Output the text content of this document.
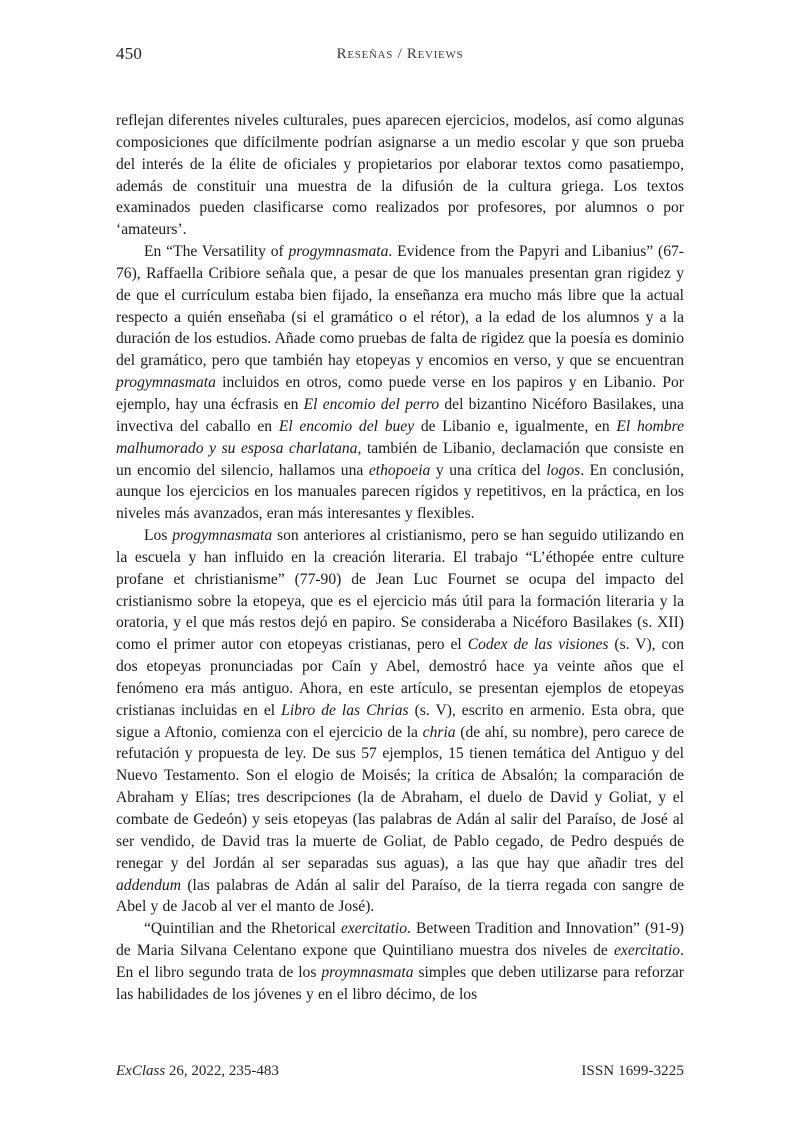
450	Reseñas / Reviews

reflejan diferentes niveles culturales, pues aparecen ejercicios, modelos, así como algunas composiciones que difícilmente podrían asignarse a un medio escolar y que son prueba del interés de la élite de oficiales y propietarios por elaborar textos como pasatiempo, además de constituir una muestra de la difusión de la cultura griega. Los textos examinados pueden clasificarse como realizados por profesores, por alumnos o por ‘amateurs’.

En “The Versatility of progymnasmata. Evidence from the Papyri and Libanius” (67-76), Raffaella Cribiore señala que, a pesar de que los manuales presentan gran rigidez y de que el currículum estaba bien fijado, la enseñanza era mucho más libre que la actual respecto a quién enseñaba (si el gramático o el rétor), a la edad de los alumnos y a la duración de los estudios. Añade como pruebas de falta de rigidez que la poesía es dominio del gramático, pero que también hay etopeyas y encomios en verso, y que se encuentran progymnasmata incluidos en otros, como puede verse en los papiros y en Libanio. Por ejemplo, hay una écfrasis en El encomio del perro del bizantino Nicéforo Basilakes, una invectiva del caballo en El encomio del buey de Libanio e, igualmente, en El hombre malhumorado y su esposa charlatana, también de Libanio, declamación que consiste en un encomio del silencio, hallamos una ethopoeia y una crítica del logos. En conclusión, aunque los ejercicios en los manuales parecen rígidos y repetitivos, en la práctica, en los niveles más avanzados, eran más interesantes y flexibles.

Los progymnasmata son anteriores al cristianismo, pero se han seguido utilizando en la escuela y han influido en la creación literaria. El trabajo “L’éthopée entre culture profane et christianisme” (77-90) de Jean Luc Fournet se ocupa del impacto del cristianismo sobre la etopeya, que es el ejercicio más útil para la formación literaria y la oratoria, y el que más restos dejó en papiro. Se consideraba a Nicéforo Basilakes (s. XII) como el primer autor con etopeyas cristianas, pero el Codex de las visiones (s. V), con dos etopeyas pronunciadas por Caín y Abel, demostró hace ya veinte años que el fenómeno era más antiguo. Ahora, en este artículo, se presentan ejemplos de etopeyas cristianas incluidas en el Libro de las Chrias (s. V), escrito en armenio. Esta obra, que sigue a Aftonio, comienza con el ejercicio de la chria (de ahí, su nombre), pero carece de refutación y propuesta de ley. De sus 57 ejemplos, 15 tienen temática del Antiguo y del Nuevo Testamento. Son el elogio de Moisés; la crítica de Absalón; la comparación de Abraham y Elías; tres descripciones (la de Abraham, el duelo de David y Goliat, y el combate de Gedeón) y seis etopeyas (las palabras de Adán al salir del Paraíso, de José al ser vendido, de David tras la muerte de Goliat, de Pablo cegado, de Pedro después de renegar y del Jordán al ser separadas sus aguas), a las que hay que añadir tres del addendum (las palabras de Adán al salir del Paraíso, de la tierra regada con sangre de Abel y de Jacob al ver el manto de José).

“Quintilian and the Rhetorical exercitatio. Between Tradition and Innovation” (91-9) de Maria Silvana Celentano expone que Quintiliano muestra dos niveles de exercitatio. En el libro segundo trata de los proymnasmata simples que deben utilizarse para reforzar las habilidades de los jóvenes y en el libro décimo, de los

ExClass 26, 2022, 235-483	ISSN 1699-3225
